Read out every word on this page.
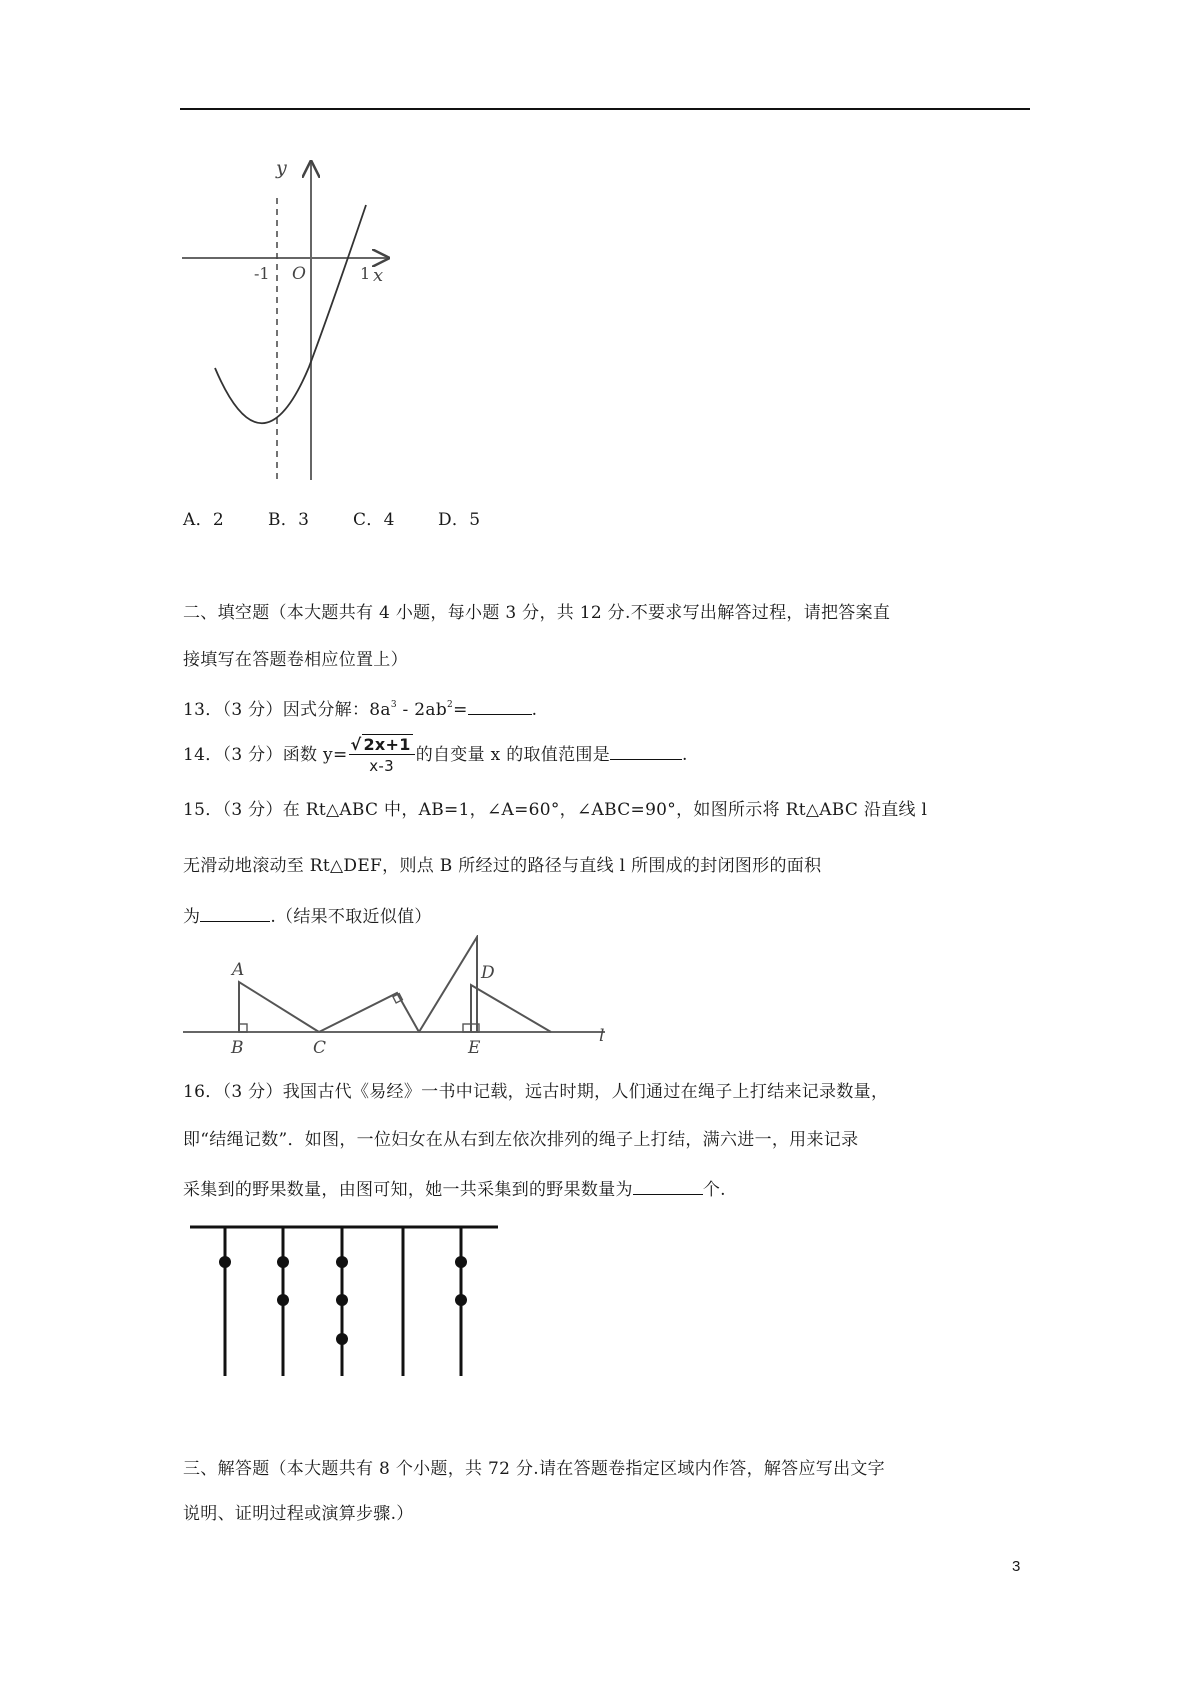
y
x
-1 O	1
A．2	B．3	C．4	D．5
二、填空题（本大题共有 4 小题，每小题 3 分，共 12 分.不要求写出解答过程，请把答案直
接填写在答题卷相应位置上）
13．（3 分）因式分解：$8a^3 - 2ab^2=$	.
14．（3 分）函数 $y= \frac{√ 2x+1}{x-3}$ 的自变量 x 的取值范围是	.
15．（3 分）在 Rt△ABC 中，AB=1，∠A=60°，∠ABC=90°，如图所示将 Rt△ABC 沿直线 l
无滑动地滚动至 Rt△DEF，则点 B 所经过的路径与直线 l 所围成的封闭图形的面积
为	.（结果不取近似值）
A
B	C
D
E
l
16．（3 分）我国古代《易经》一书中记载，远古时期，人们通过在绳子上打结来记录数量，
即“结绳记数”．如图，一位妇女在从右到左依次排列的绳子上打结，满六进一，用来记录
采集到的野果数量，由图可知，她一共采集到的野果数量为	个.
三、解答题（本大题共有 8 个小题，共 72 分.请在答题卷指定区域内作答，解答应写出文字
说明、证明过程或演算步骤.）
3
